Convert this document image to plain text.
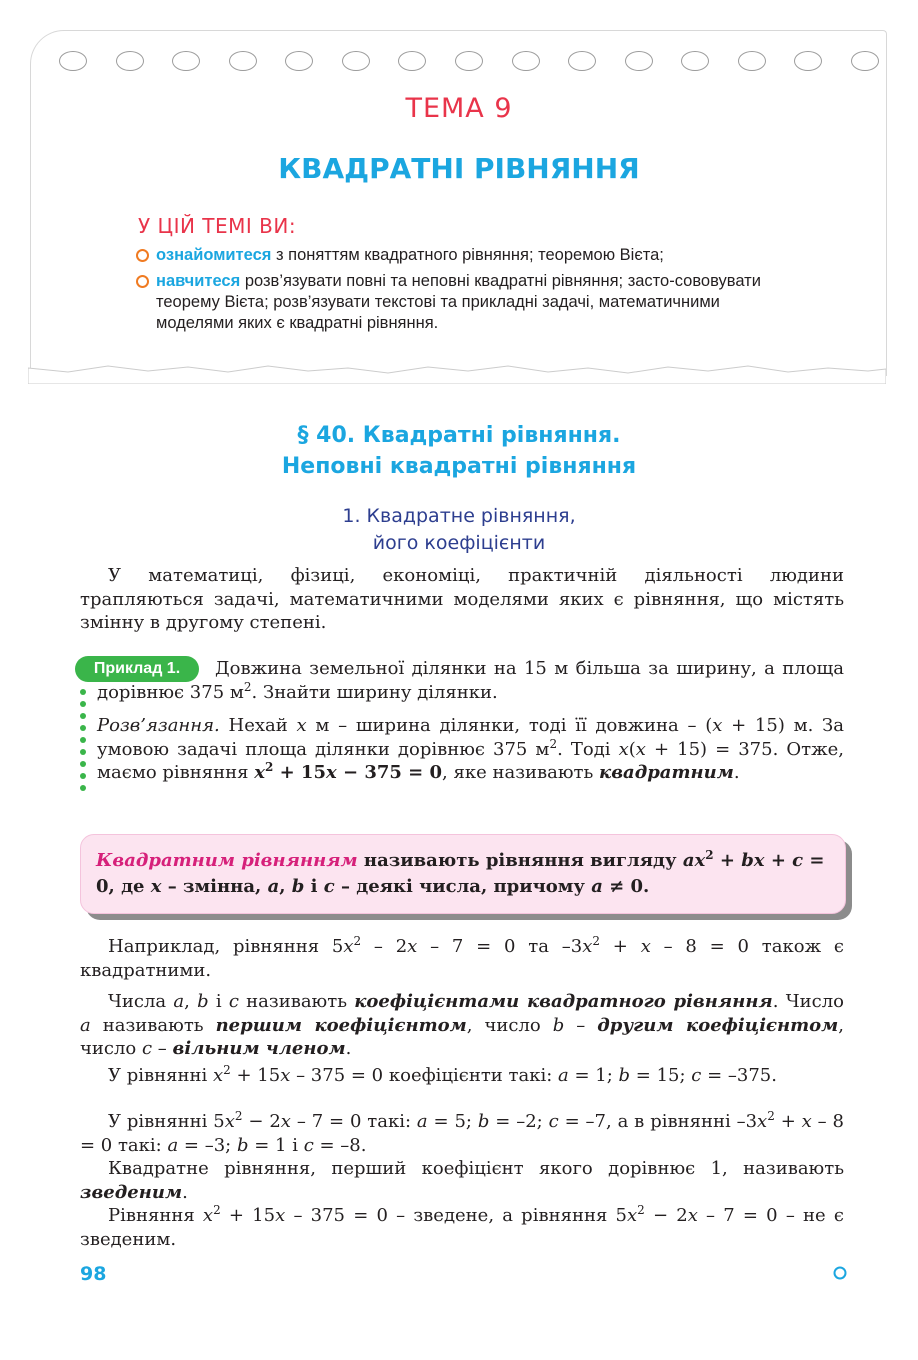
ТЕМА 9
КВАДРАТНІ РІВНЯННЯ
У ЦІЙ ТЕМІ ВИ:
ознайомитеся з поняттям квадратного рівняння; теоремою Вієта;
навчитеся розв’язувати повні та неповні квадратні рівняння; засто-сововувати теорему Вієта; розв’язувати текстові та прикладні задачі, математичними моделями яких є квадратні рівняння.
§ 40. Квадратні рівняння.
Неповні квадратні рівняння
1. Квадратне рівняння,
його коефіцієнти

У математиці, фізиці, економіці, практичній діяльності людини трапляються задачі, математичними моделями яких є рівняння, що містять змінну в другому степені.

Приклад 1.	Довжина земельної ділянки на 15 м більша за ширину, а площа дорівнює 375 $м^2$. Знайти ширину ділянки.

Розв’язання. Нехай x м – ширина ділянки, тоді її довжина – (x + 15) м. За умовою задачі площа ділянки дорівнює 375 $м^2$. Тоді x(x + 15) = 375. Отже, маємо рівняння $x^2 + 15x - 375 = 0$, яке називають квадратним.

Квадратним рівнянням називають рівняння вигляду $ax^2$ + bx + c = 0, де x – змінна, a, b і c – деякі числа, причому a ≠ 0.

Наприклад, рівняння $5x^2 - 2x - 7 = 0$ та $-3x^2 + x - 8 = 0$ також є квадратними.

Числа a, b і c називають коефіцієнтами квадратного рівняння. Число a називають першим коефіцієнтом, число b – другим коефіцієнтом, число c – вільним членом.

У рівнянні $x^2 + 15x - 375 = 0$ коефіцієнти такі: a = 1; b = 15; c = –375.

У рівнянні $5x^2 - 2x - 7 = 0$ такі: a = 5; b = –2; c = –7, а в рівнянні $-3x^2 + x - 8 = 0$ такі: a = –3; b = 1 і c = –8.

Квадратне рівняння, перший коефіцієнт якого дорівнює 1, називають зведеним.

Рівняння $x^2 + 15x - 375 = 0$ – зведене, а рівняння $5x^2 - 2x - 7 = 0$ – не є зведеним.

98
